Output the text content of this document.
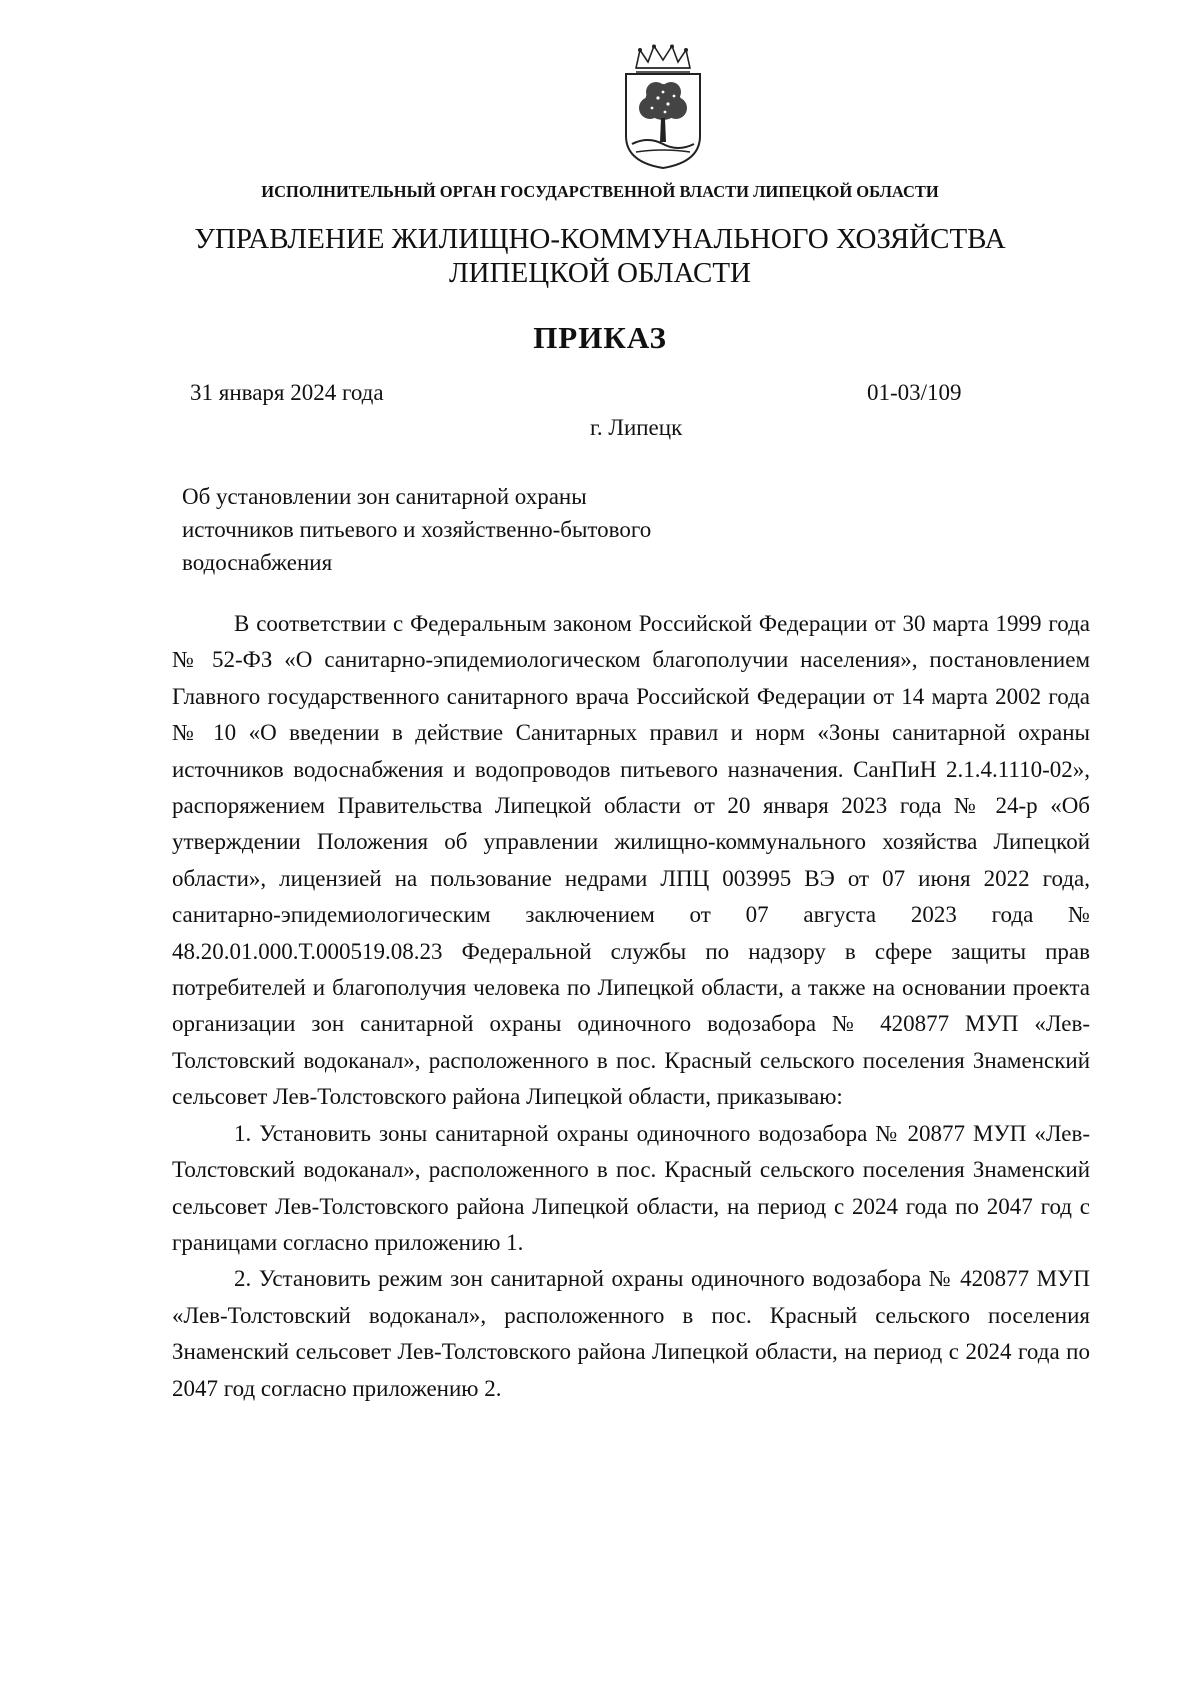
ИСПОЛНИТЕЛЬНЫЙ ОРГАН ГОСУДАРСТВЕННОЙ ВЛАСТИ ЛИПЕЦКОЙ ОБЛАСТИ
УПРАВЛЕНИЕ ЖИЛИЩНО-КОММУНАЛЬНОГО ХОЗЯЙСТВА
ЛИПЕЦКОЙ ОБЛАСТИ
ПРИКАЗ
31 января 2024 года	01-03/109
г. Липецк
Об установлении зон санитарной охраны
источников питьевого и хозяйственно-бытового
водоснабжения

В соответствии с Федеральным законом Российской Федерации от 30 марта 1999 года № 52-ФЗ «О санитарно-эпидемиологическом благополучии населения», постановлением Главного государственного санитарного врача Российской Федерации от 14 марта 2002 года № 10 «О введении в действие Санитарных правил и норм «Зоны санитарной охраны источников водоснабжения и водопроводов питьевого назначения. СанПиН 2.1.4.1110-02», распоряжением Правительства Липецкой области от 20 января 2023 года № 24-р «Об утверждении Положения об управлении жилищно-коммунального хозяйства Липецкой области», лицензией на пользование недрами ЛПЦ 003995 ВЭ от 07 июня 2022 года, санитарно-эпидемиологическим заключением от 07 августа 2023 года № 48.20.01.000.Т.000519.08.23 Федеральной службы по надзору в сфере защиты прав потребителей и благополучия человека по Липецкой области, а также на основании проекта организации зон санитарной охраны одиночного водозабора № 420877 МУП «Лев-Толстовский водоканал», расположенного в пос. Красный сельского поселения Знаменский сельсовет Лев-Толстовского района Липецкой области, приказываю:

1. Установить зоны санитарной охраны одиночного водозабора № 20877 МУП «Лев-Толстовский водоканал», расположенного в пос. Красный сельского поселения Знаменский сельсовет Лев-Толстовского района Липецкой области, на период с 2024 года по 2047 год с границами согласно приложению 1.

2. Установить режим зон санитарной охраны одиночного водозабора № 420877 МУП «Лев-Толстовский водоканал», расположенного в пос. Красный сельского поселения Знаменский сельсовет Лев-Толстовского района Липецкой области, на период с 2024 года по 2047 год согласно приложению 2.
